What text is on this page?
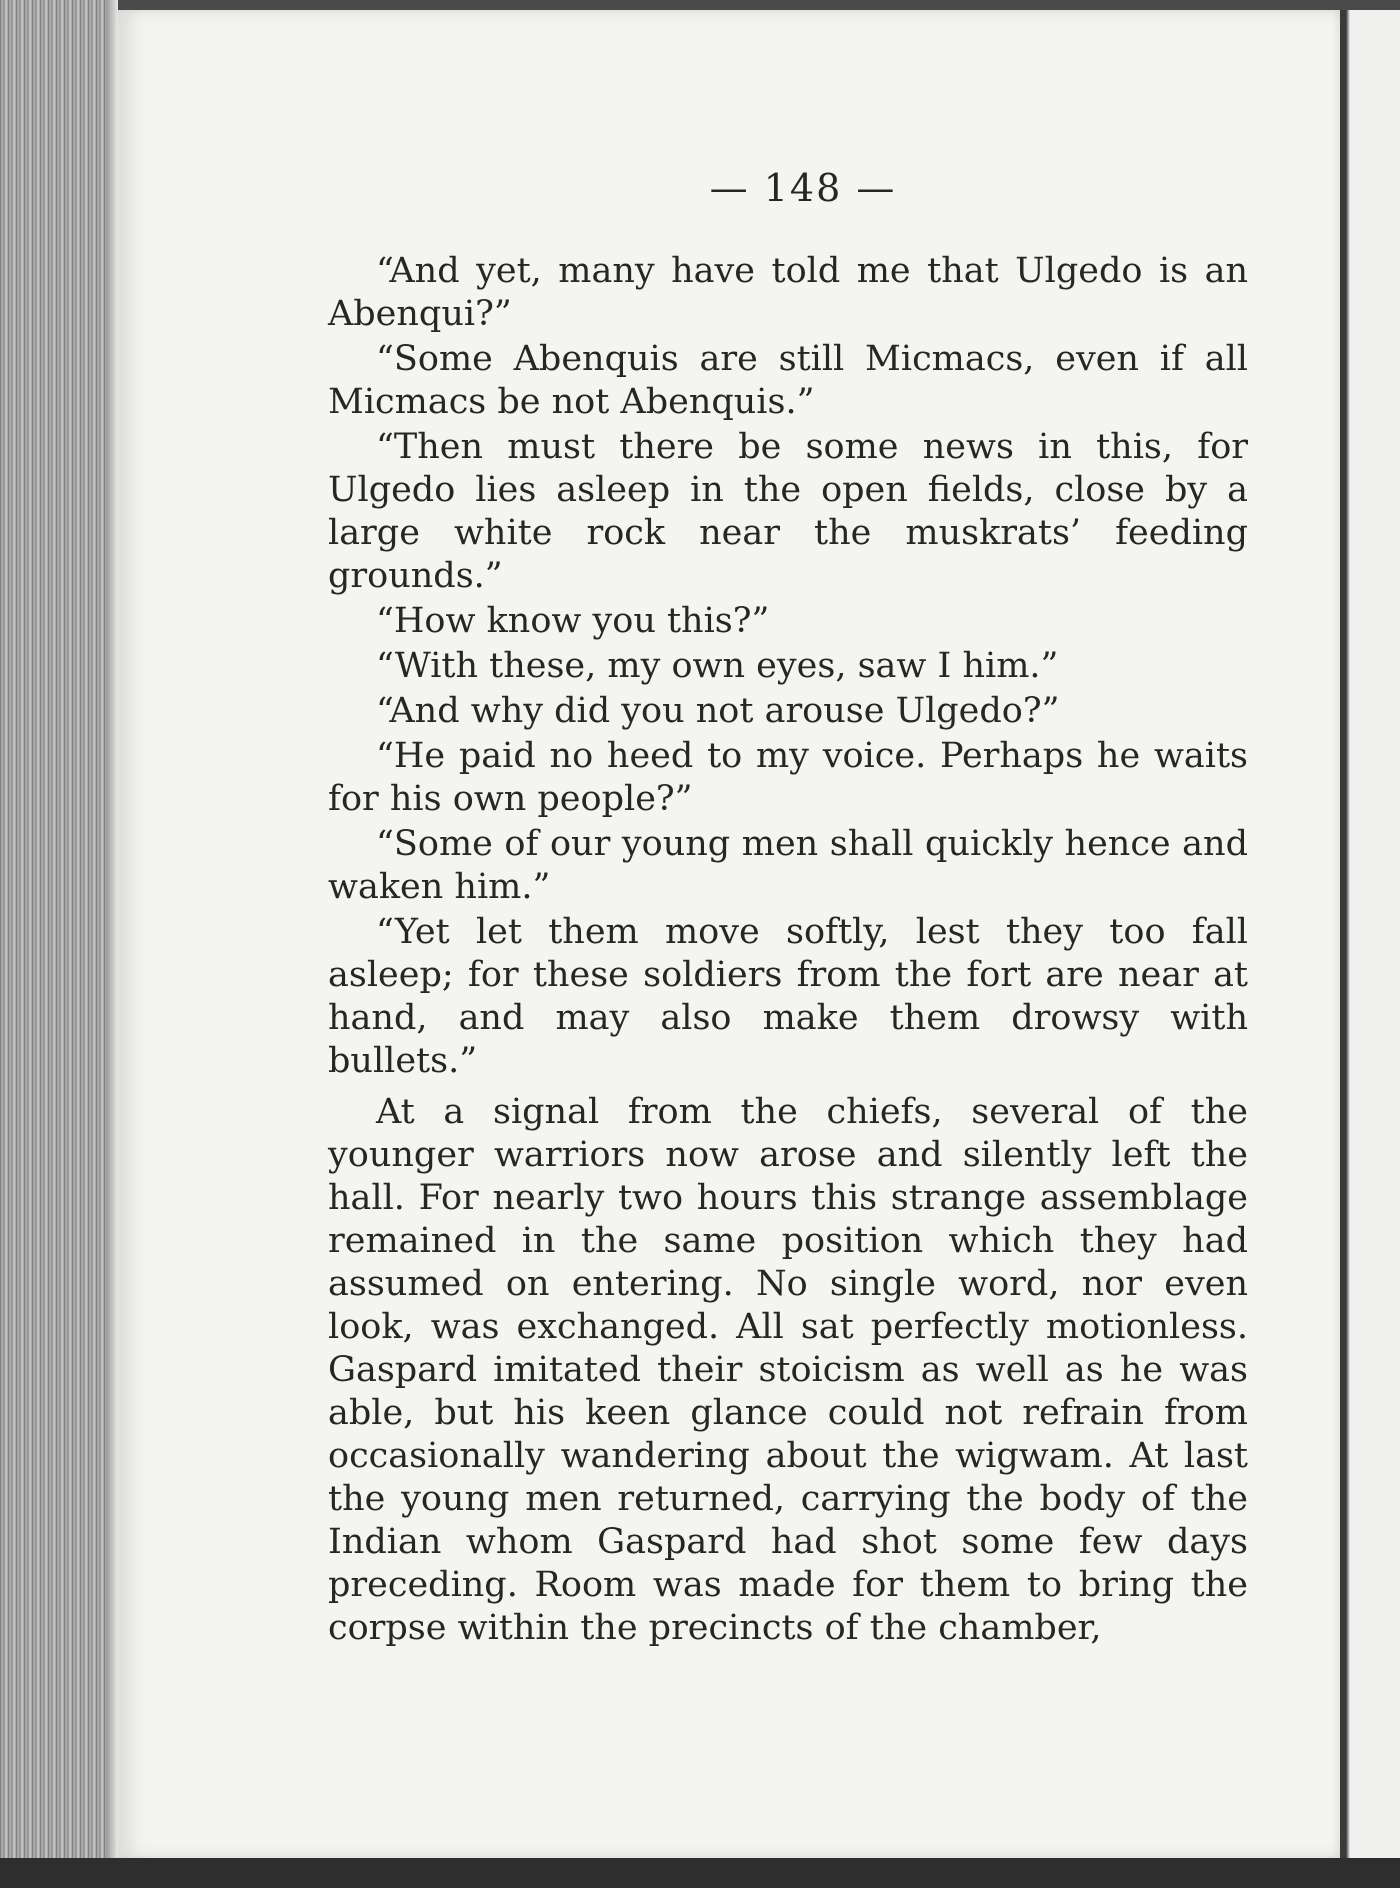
— 148 —

“And yet, many have told me that Ulgedo is an Abenqui?”

“Some Abenquis are still Micmacs, even if all Micmacs be not Abenquis.”

“Then must there be some news in this, for Ulgedo lies asleep in the open fields, close by a large white rock near the muskrats’ feeding grounds.”

“How know you this?”

“With these, my own eyes, saw I him.”

“And why did you not arouse Ulgedo?”

“He paid no heed to my voice. Perhaps he waits for his own people?”

“Some of our young men shall quickly hence and waken him.”

“Yet let them move softly, lest they too fall asleep; for these soldiers from the fort are near at hand, and may also make them drowsy with bullets.”

At a signal from the chiefs, several of the younger warriors now arose and silently left the hall. For nearly two hours this strange assemblage remained in the same position which they had assumed on entering. No single word, nor even look, was exchanged. All sat perfectly motionless. Gaspard imitated their stoicism as well as he was able, but his keen glance could not refrain from occasionally wandering about the wigwam. At last the young men returned, carrying the body of the Indian whom Gaspard had shot some few days preceding. Room was made for them to bring the corpse within the precincts of the chamber,
